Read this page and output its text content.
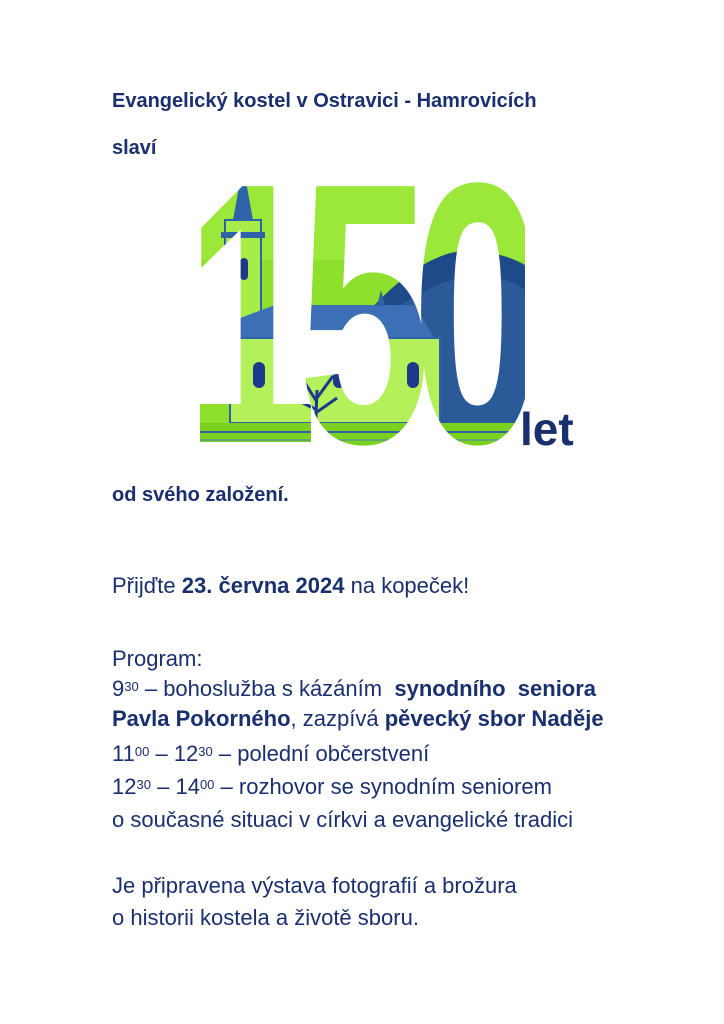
Evangelický kostel v Ostravici - Hamrovicích
slaví
let
od svého založení.
Přijďte 23. června 2024 na kopeček!
Program:
$9^{30}$ – bohoslužba s kázáním synodního  seniora
Pavla Pokorného, zazpívá pěvecký sbor Naděje
$11^{00} - 12^{30}$ – polední občerstvení
$12^{30} - 14^{00}$ – rozhovor se synodním seniorem
o současné situaci v církvi a evangelické tradici
Je připravena výstava fotografií a brožura
o historii kostela a životě sboru.
